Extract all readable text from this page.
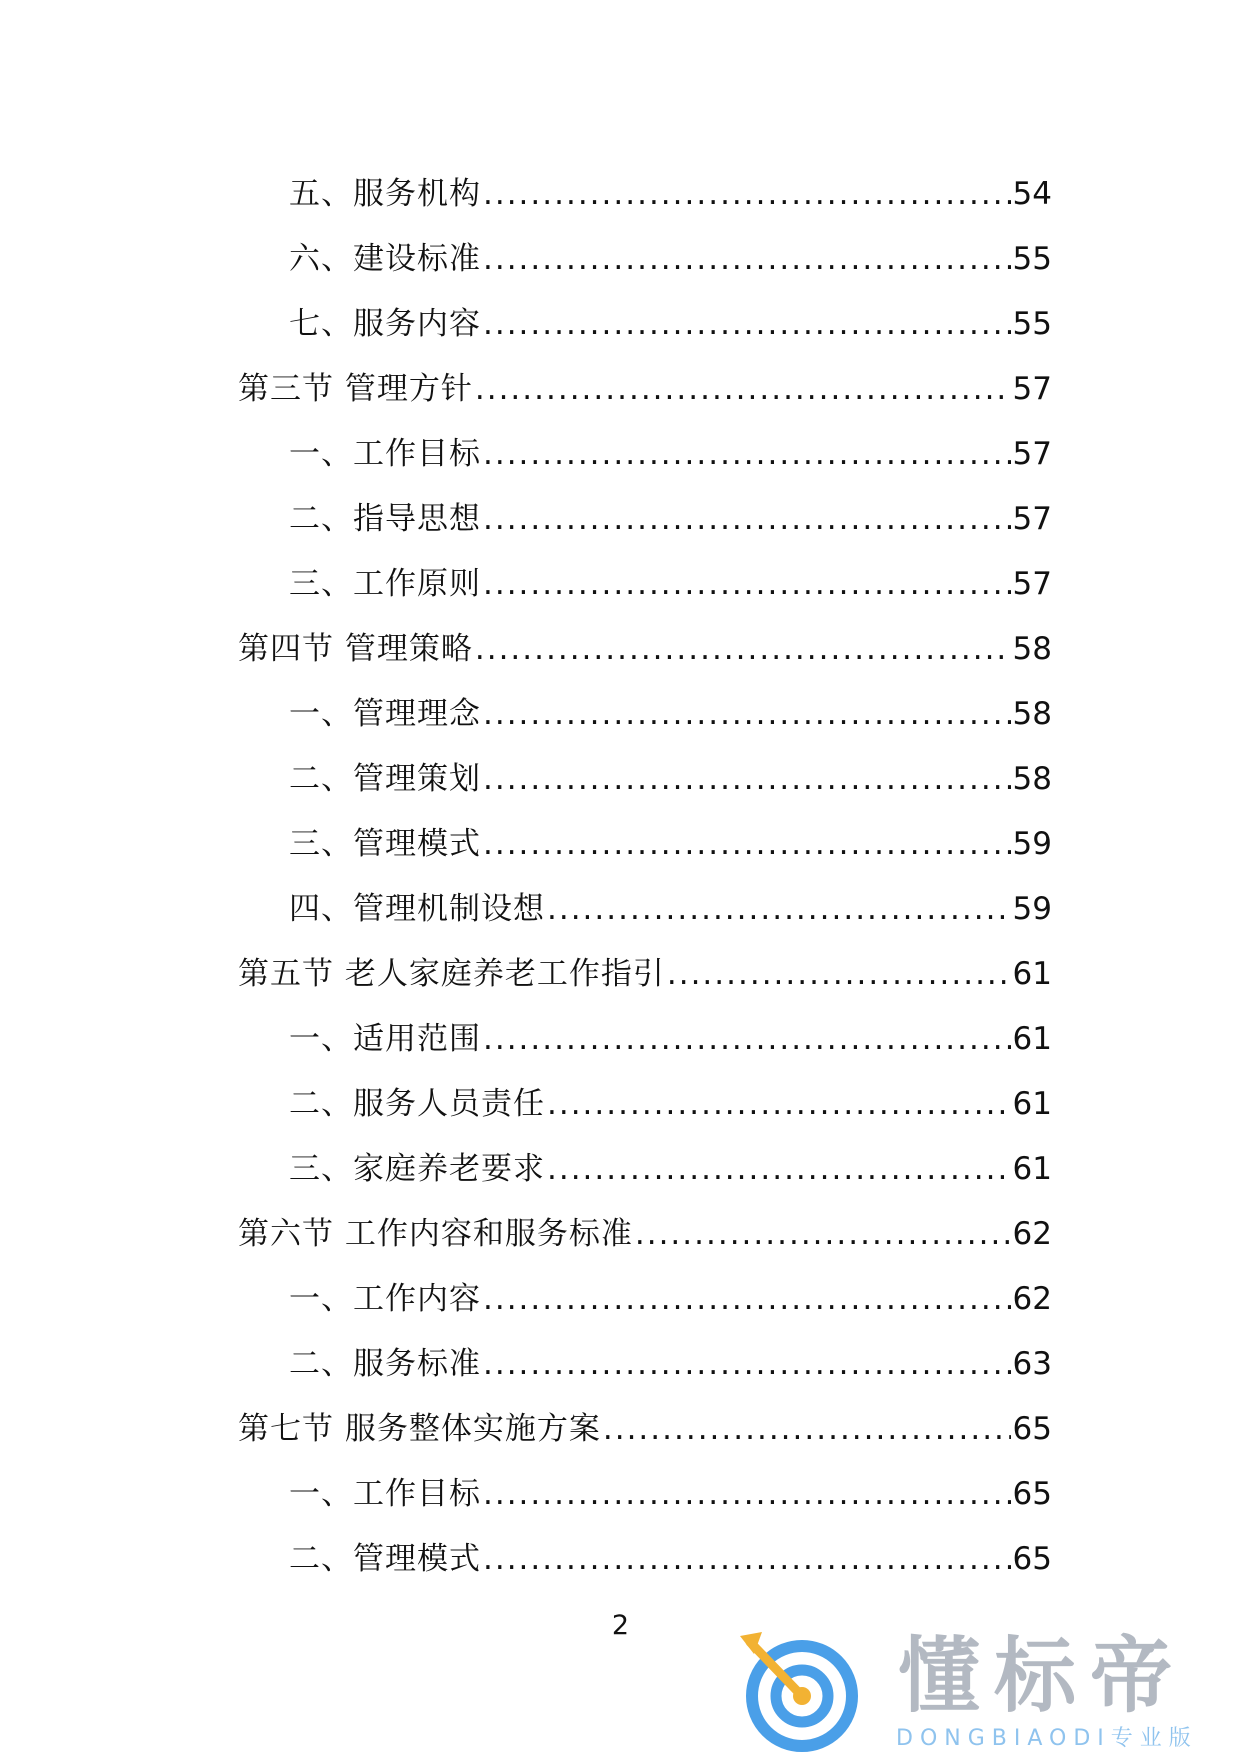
五、服务机构 .....	54
六、建设标准 .....	55
七、服务内容 .....	55
第三节 管理方针 .....	57
一、工作目标 .....	57
二、指导思想 .....	57
三、工作原则 .....	57
第四节 管理策略 .....	58
一、管理理念 .....	58
二、管理策划 .....	58
三、管理模式 .....	59
四、管理机制设想 .....	59
第五节 老人家庭养老工作指引 .....	61
一、适用范围 .....	61
二、服务人员责任 .....	61
三、家庭养老要求 .....	61
第六节 工作内容和服务标准 .....	62
一、工作内容 .....	62
二、服务标准 .....	63
第七节 服务整体实施方案 .....	65
一、工作目标 .....	65
二、管理模式 .....	65
2
懂标帝
DONGBIAODI专业版
